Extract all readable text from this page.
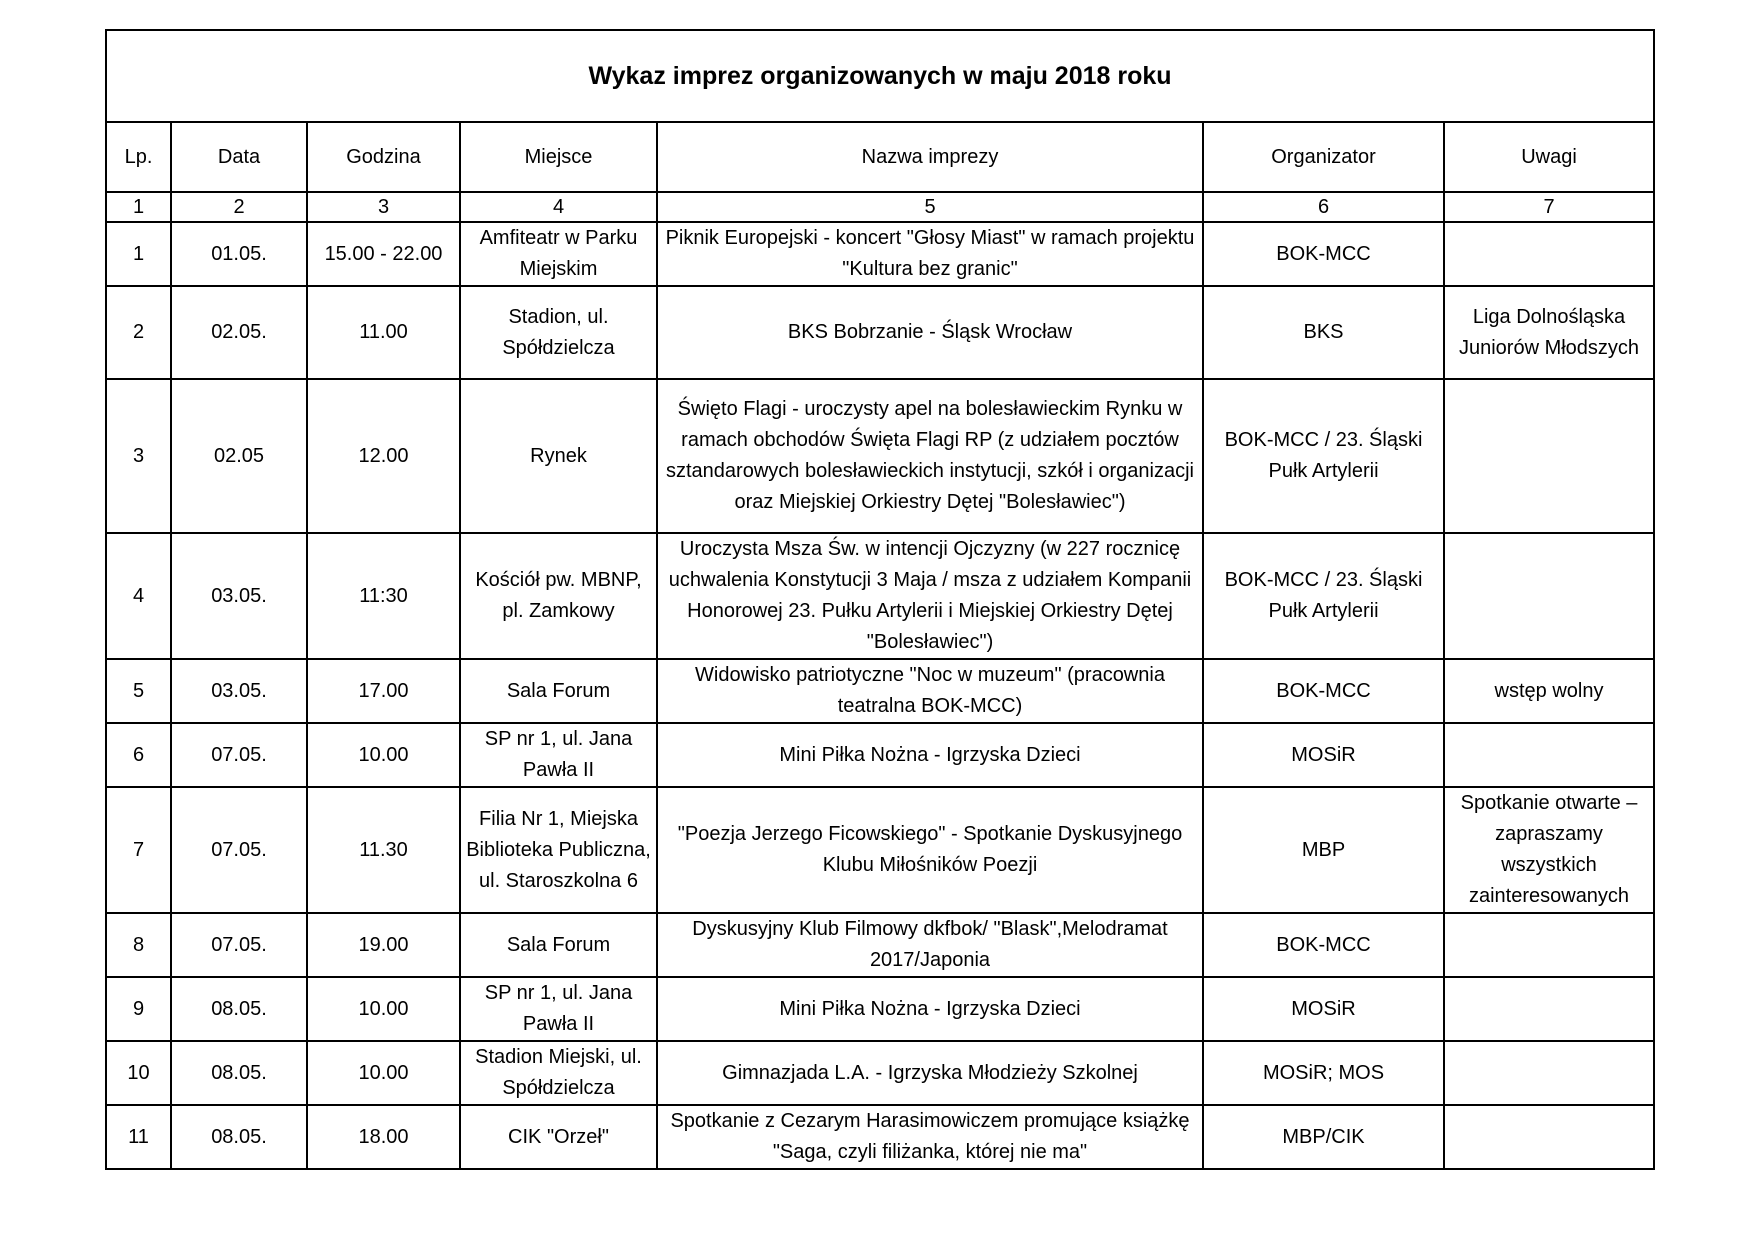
Wykaz imprez organizowanych w maju 2018 roku						
Lp.	Data	Godzina	Miejsce	Nazwa imprezy	Organizator	Uwagi
1	2	3	4	5	6	7
1	01.05.	15.00 - 22.00	Amfiteatr w Parku Miejskim	Piknik Europejski - koncert "Głosy Miast" w ramach projektu "Kultura bez granic"	BOK-MCC	
2	02.05.	11.00	Stadion, ul. Spółdzielcza	BKS Bobrzanie - Śląsk Wrocław	BKS	Liga Dolnośląska Juniorów Młodszych
3	02.05	12.00	Rynek	Święto Flagi - uroczysty apel na bolesławieckim Rynku w ramach obchodów Święta Flagi RP (z udziałem pocztów sztandarowych bolesławieckich instytucji, szkół i organizacji oraz Miejskiej Orkiestry Dętej "Bolesławiec")	BOK-MCC / 23. Śląski Pułk Artylerii	
4	03.05.	11:30	Kościół pw. MBNP, pl. Zamkowy	Uroczysta Msza Św. w intencji Ojczyzny (w 227 rocznicę uchwalenia Konstytucji 3 Maja / msza z udziałem Kompanii Honorowej 23. Pułku Artylerii i Miejskiej Orkiestry Dętej "Bolesławiec")	BOK-MCC / 23. Śląski Pułk Artylerii	
5	03.05.	17.00	Sala Forum	Widowisko patriotyczne "Noc w muzeum" (pracownia teatralna BOK-MCC)	BOK-MCC	wstęp wolny
6	07.05.	10.00	SP nr 1, ul. Jana Pawła II	Mini Piłka Nożna - Igrzyska Dzieci	MOSiR	
7	07.05.	11.30	Filia Nr 1, Miejska Biblioteka Publiczna, ul. Staroszkolna 6	"Poezja Jerzego Ficowskiego" - Spotkanie Dyskusyjnego Klubu Miłośników Poezji	MBP	Spotkanie otwarte – zapraszamy wszystkich zainteresowanych
8	07.05.	19.00	Sala Forum	Dyskusyjny Klub Filmowy dkfbok/ "Blask",Melodramat 2017/Japonia	BOK-MCC	
9	08.05.	10.00	SP nr 1, ul. Jana Pawła II	Mini Piłka Nożna - Igrzyska Dzieci	MOSiR	
10	08.05.	10.00	Stadion Miejski, ul. Spółdzielcza	Gimnazjada L.A. - Igrzyska Młodzieży Szkolnej	MOSiR; MOS	
11	08.05.	18.00	CIK "Orzeł"	Spotkanie z Cezarym Harasimowiczem promujące książkę "Saga, czyli filiżanka, której nie ma"	MBP/CIK	
